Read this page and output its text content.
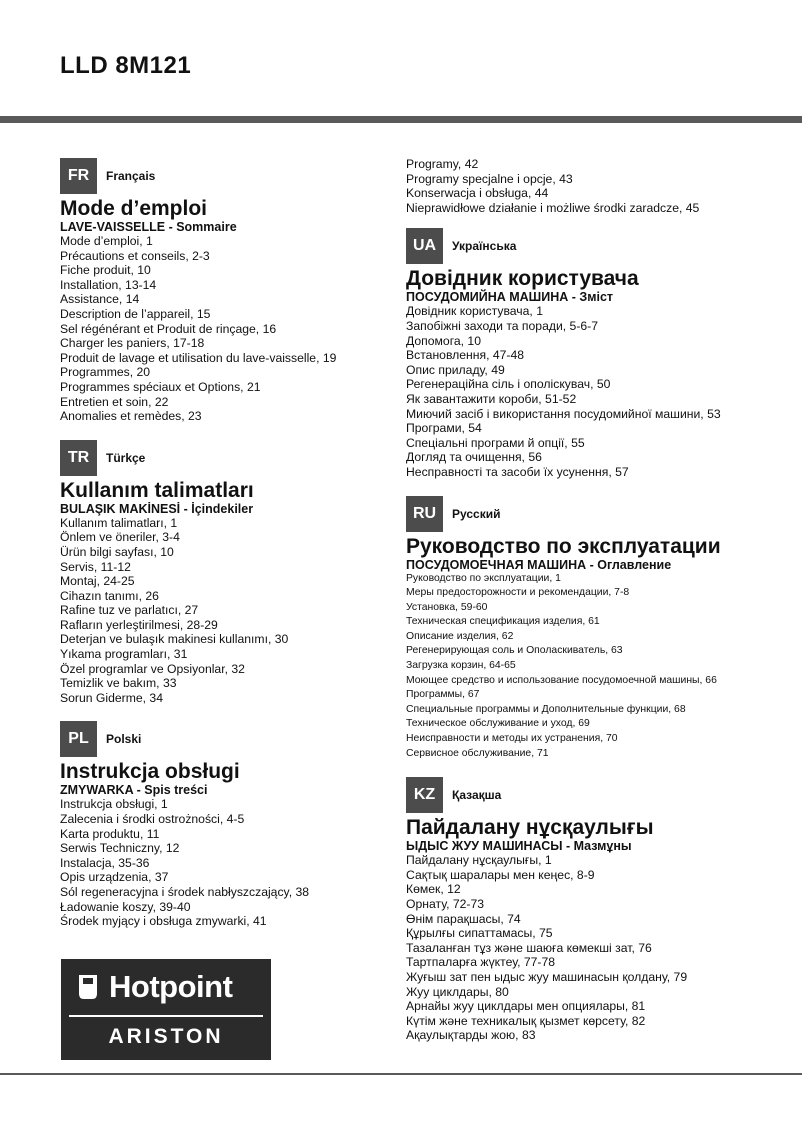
LLD 8M121
FR	Français
Mode d’emploi
LAVE-VAISSELLE - Sommaire
Mode d’emploi, 1
Précautions et conseils, 2-3
Fiche produit, 10
Installation, 13-14
Assistance, 14
Description de l’appareil, 15
Sel régénérant et Produit de rinçage, 16
Charger les paniers, 17-18
Produit de lavage et utilisation du lave-vaisselle, 19
Programmes, 20
Programmes spéciaux et Options, 21
Entretien et soin, 22
Anomalies et remèdes, 23
TR	Türkçe
Kullanım talimatları
BULAŞIK MAKİNESİ - İçindekiler
Kullanım talimatları, 1
Önlem ve öneriler, 3-4
Ürün bilgi sayfası, 10
Servis, 11-12
Montaj, 24-25
Cihazın tanımı, 26
Rafine tuz ve parlatıcı, 27
Rafların yerleştirilmesi, 28-29
Deterjan ve bulaşık makinesi kullanımı, 30
Yıkama programları, 31
Özel programlar ve Opsiyonlar, 32
Temizlik ve bakım, 33
Sorun Giderme, 34
PL	Polski
Instrukcja obsługi
ZMYWARKA - Spis treści
Instrukcja obsługi, 1
Zalecenia i środki ostrożności, 4-5
Karta produktu, 11
Serwis Techniczny, 12
Instalacja, 35-36
Opis urządzenia, 37
Sól regeneracyjna i środek nabłyszczający, 38
Ładowanie koszy, 39-40
Środek myjący i obsługa zmywarki, 41
Hotpoint
ARISTON
Programy, 42
Programy specjalne i opcje, 43
Konserwacja i obsługa, 44
Nieprawidłowe działanie i możliwe środki zaradcze, 45
UA	Українська
Довідник користувача
ПОСУДОМИЙНА МАШИНА - Зміст
Довідник користувача, 1
Запобіжні заходи та поради, 5-6-7
Допомога, 10
Встановлення, 47-48
Опис приладу, 49
Регенераційна сіль і ополіскувач, 50
Як завантажити короби, 51-52
Миючий засіб і використання посудомийної машини, 53
Програми, 54
Спеціальні програми й опції, 55
Догляд та очищення, 56
Несправності та засоби їх усунення, 57
RU	Русский
Руководство по эксплуатации
ПОСУДОМОЕЧНАЯ МАШИНА - Оглавление
Руководство по эксплуатации, 1
Меры предосторожности и рекомендации, 7-8
Установка, 59-60
Техническая спецификация изделия, 61
Описание изделия, 62
Регенерирующая соль и Ополаскиватель, 63
Загрузка корзин, 64-65
Моющее средство и использование посудомоечной машины, 66
Программы, 67
Специальные программы и Дополнительные функции, 68
Техническое обслуживание и уход, 69
Неисправности и методы их устранения, 70
Сервисное обслуживание, 71
KZ	Қазақша
Пайдалану нұсқаулығы
ЫДЫС ЖУУ МАШИНАСЫ - Мазмұны
Пайдалану нұсқаулығы, 1
Сақтық шаралары мен кеңес, 8-9
Көмек, 12
Орнату, 72-73
Өнім парақшасы, 74
Құрылғы сипаттамасы, 75
Тазаланған тұз және шаюға көмекші зат, 76
Тартпаларға жүктеу, 77-78
Жуғыш зат пен ыдыс жуу машинасын қолдану, 79
Жуу циклдары, 80
Арнайы жуу циклдары мен опциялары, 81
Күтім және техникалық қызмет көрсету, 82
Ақаулықтарды жою, 83
